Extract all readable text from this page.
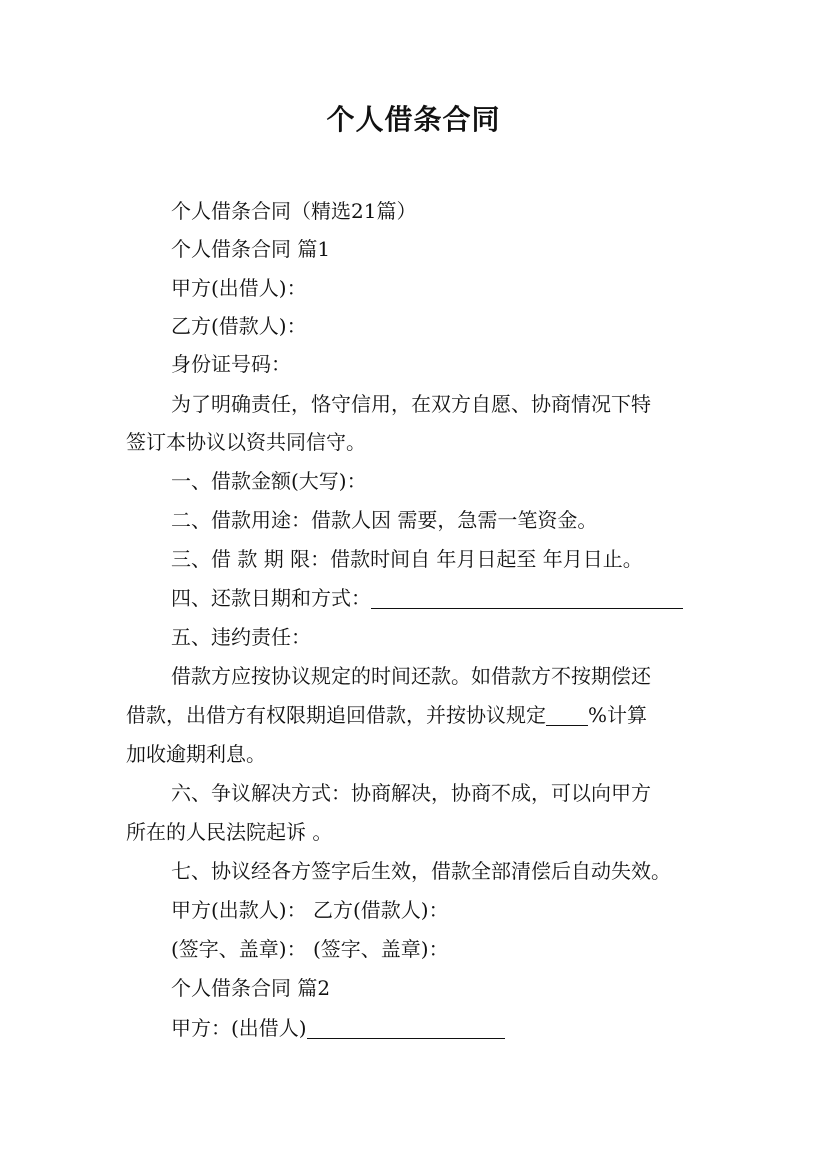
个人借条合同
个人借条合同（精选21篇）
个人借条合同 篇1
甲方(出借人)：
乙方(借款人)：
身份证号码：
为了明确责任，恪守信用，在双方自愿、协商情况下特
签订本协议以资共同信守。
一、借款金额(大写)：
二、借款用途：借款人因 需要，急需一笔资金。
三、借 款 期 限：借款时间自 年月日起至 年月日止。
四、还款日期和方式：
五、违约责任：
借款方应按协议规定的时间还款。如借款方不按期偿还
借款，出借方有权限期追回借款，并按协议规定 %计算
加收逾期利息。
六、争议解决方式：协商解决，协商不成，可以向甲方
所在的人民法院起诉 。
七、协议经各方签字后生效，借款全部清偿后自动失效。
甲方(出款人)： 乙方(借款人)：
(签字、盖章)： (签字、盖章)：
个人借条合同 篇2
甲方：(出借人)
